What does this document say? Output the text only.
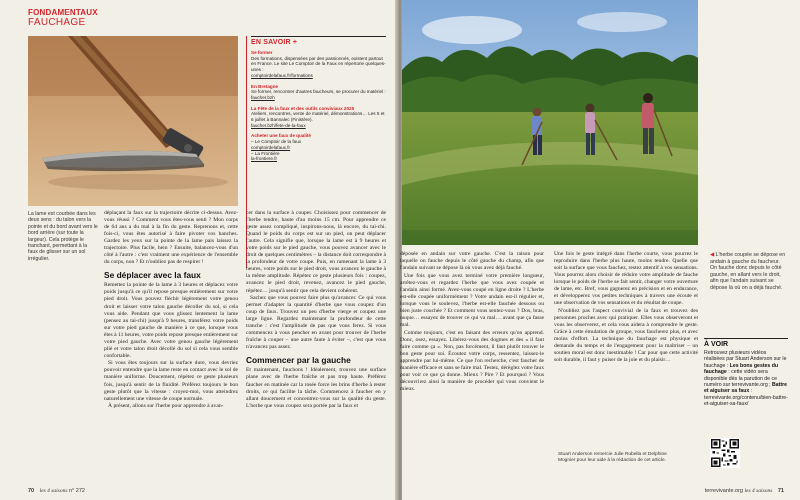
FONDAMENTAUX
FAUCHAGE
La lame est courbée dans les deux sens : du talon vers la pointe et du bord avant vers le bord arrière (sur toute la largeur). Cela protège le tranchant, permettant à la faux de glisser sur un sol irrégulier.
EN SAVOIR +
Se former
Des formations, dispensées par des passionnés, existent partout en France. Le site Le Comptoir de la Faux en répertorie quelques-unes :
comptoirdelafaux.fr/formations
En Bretagne
Se former, rencontrer d'autres faucheurs, se procurer du matériel :
faucher.bzh
La Fête de la faux et des outils conviviaux 2025
Ateliers, rencontres, vente de matériel, démonstrations… Les 5 et 6 juillet à Bannalec (Finistère).
faucher.bzh/fete-de-la-faux
Acheter une faux de qualité
– Le Comptoir de la faux
comptoirdelafaux.fr
– La Frontière
la-frontiere.fr

déplaçant la faux sur la trajectoire décrite ci-dessus. Avez-vous réussi ? Comment vous êtes-vous senti ? Mon corps de 64 ans a du mal à la fin du geste. Reprenons et, cette fois-ci, vous êtes autorisé à faire pivoter vos hanches. Gardez les yeux sur la pointe de la lame pais laissez la trajectoire. Plus facile, hein ? Ensuite, balancez-vous d'un côté à l'autre : c'est vraiment une expérience de l'ensemble du corps, non ? Et n'oubliez pas de respirer !

Se déplacer avec la faux

Remettez la pointe de la lame à 3 heures et déplacez votre poids jusqu'à ce qu'il repose presque entièrement sur votre pied droit. Vous pouvez fléchir légèrement votre genou droit et laisser votre talon gauche décoller du sol, si cela vous aide. Pendant que vous glissez lentement la lame (pensez au tai-chi) jusqu'à 9 heures, transférez votre poids sur votre pied gauche de manière à ce que, lorsque vous êtes à 11 heures, votre poids repose presque entièrement sur votre pied gauche. Avec votre genou gauche légèrement plié et votre talon droit décollé du sol si cela vous semble confortable.

Si vous êtes toujours sur la surface dure, vous devriez pouvoir entendre que la lame reste en contact avec le sol de manière uniforme. Doucement, répétez ce geste plusieurs fois, jusqu'à sentir de la fluidité. Préférez toujours le bon geste plutôt que la vitesse : croyez-moi, vous atteindrez naturellement une vitesse de coupe normale.

À présent, allons sur l'herbe pour apprendre à avan-

cer dans la surface à couper. Choisissez pour commencer de l'herbe tendre, haute d'au moins 15 cm. Pour apprendre ce geste assez compliqué, inspirons-nous, là encore, du tai-chi. Quand le poids du corps est sur un pied, on peut déplacer l'autre. Cela signifie que, lorsque la lame est à 9 heures et votre poids sur le pied gauche, vous pouvez avancer avec le droit de quelques centimètres – la distance doit correspondre à la profondeur de votre coupe. Puis, en ramenant la lame à 3 heures, votre poids sur le pied droit, vous avancez le gauche à la même amplitude. Répétez ce geste plusieurs fois : coupez, avancez le pied droit, revenez, avancez le pied gauche, répétez… jusqu'à sentir que cela devient cohérent.

Sachez que vous pouvez faire plus qu'avancer. Ce qui vous permet d'adapter la quantité d'herbe que vous coupez d'un coup de faux. Trouvez un peu d'herbe vierge et coupez une large ligne. Regardez maintenant la profondeur de cette tranche : c'est l'amplitude de pas que vous ferez. Si vous commencez à vous pencher en avant pour trouver de l'herbe fraîche à couper – une autre faute à éviter –, c'est que vous n'avancez pas assez.

Commencer par la gauche

Et maintenant, fauchons ! Idéalement, trouvez une surface plane avec de l'herbe fraîche et pas trop haute. Préférez faucher en matinée car la rosée force les brins d'herbe à rester droits, ce qui facilite la tâche. Commencez à faucher en y allant doucement et concentrez-vous sur la qualité du geste. L'herbe que vous coupez sera portée par la faux et

70 les 4 saisons n° 272
◀ L'herbe coupée se dépose en andain à gauche du faucheur. On fauche donc depuis le côté gauche, en allant vers le droit, afin que l'andain suivant se dépose là où on a déjà fauché.

déposée en andain sur votre gauche. C'est la raison pour laquelle on fauche depuis le côté gauche du champ, afin que l'andain suivant se dépose là où vous avez déjà fauché.

Une fois que vous avez terminé votre première longueur, arrêtez-vous et regardez l'herbe que vous avez coupée et l'andain ainsi formé. Avez-vous coupé en ligne droite ? L'herbe est-elle coupée uniformément ? Votre andain est-il régulier et, lorsque vous le soulevez, l'herbe est-elle fauchée dessous ou bien juste couchée ? Et comment vous sentez-vous ? Dos, bras, nuque… essayez de trouver ce qui va mal… avant que ça fasse mal.

Comme toujours, c'est en faisant des erreurs qu'on apprend. Donc, osez, essayez. Libérez-vous des dogmes et des « il faut faire comme ça ». Non, pas forcément, il faut plutôt trouver le bon geste pour soi. Écoutez votre corps, ressentez, laissez-le apprendre par lui-même. Ce que l'on recherche, c'est faucher de manière efficace et sans se faire mal. Testez, dérèglez votre faux pour voir ce que ça donne. Mieux ? Pire ? Et pourquoi ? Vous découvrirez ainsi la manière de procéder qui vous convient le mieux.

Une fois le geste intégré dans l'herbe courte, vous pourrez le reproduire dans l'herbe plus haute, moins tendre. Quelle que soit la surface que vous fauchez, restez attentif à vos sensations. Vous pourrez alors choisir de réduire votre amplitude de fauche lorsque le poids de l'herbe se fait sentir, changer votre ouverture de lame, etc. Bref, vous gagnerez en précision et en endurance, et développerez vos petites techniques à travers une écoute et une observation de vos sensations et du résultat de coupe.

N'oubliez pas l'aspect convivial de la faux et trouvez des personnes proches avec qui pratiquer. Elles vous observeront et vous les observerez, et cela vous aidera à comprendre le geste. Grâce à cette émulation de groupe, vous faucherez plus, et avec moins d'effort. La technique du fauchage est physique et demande du temps et de l'engagement pour la maîtriser – un soutien moral est donc inestimable ! Car pour que cette activité soit durable, il faut y puiser de la joie et du plaisir…

Stuart Anderson remercie Julie Rubella et Delphine Mognier pour leur aide à la rédaction de cet article.
À VOIR
Retrouvez plusieurs vidéos réalisées par Stuart Anderson sur le fauchage : Les bons gestes du fauchage : cette vidéo sera disponible dès la parution de ce numéro sur terrevivante.org ; Battre et aiguiser sa faux : terrevivante.org/contenu/bien-battre-et-aiguiser-sa-faux/
terrevivante.org les 4 saisons 71
